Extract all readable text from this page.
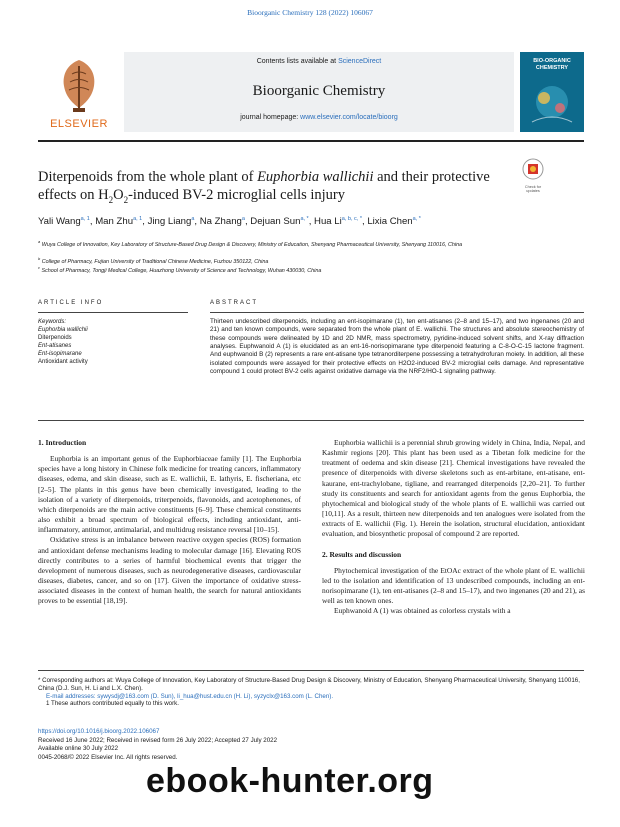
Bioorganic Chemistry 128 (2022) 106067
ELSEVIER
Contents lists available at ScienceDirect
Bioorganic Chemistry
journal homepage: www.elsevier.com/locate/bioorg
BIO-ORGANIC CHEMISTRY
Diterpenoids from the whole plant of Euphorbia wallichii and their protective effects on $H_2O_2$-induced BV-2 microglial cells injury	Check for updates
Yali Wang$^{a, 1}$, Man Zhu$^{a, 1}$, Jing Liang$^a$, Na Zhang$^a$, Dejuan Sun$^{a, *}$, Hua $Li^{a, b, c, *}$, Lixia Chen$^{a, *}$
$^a$ Wuya College of Innovation, Key Laboratory of Structure-Based Drug Design & Discovery, Ministry of Education, Shenyang Pharmaceutical University, Shenyang 110016, China
$^b$ College of Pharmacy, Fujian University of Traditional Chinese Medicine, Fuzhou 350122, China
$^c$ School of Pharmacy, Tongji Medical College, Huazhong University of Science and Technology, Wuhan 430030, China
ARTICLE INFO	ABSTRACT
Keywords:
Euphorbia wallichii
Diterpenoids
Ent-atisanes
Ent-isopimarane
Antioxidant activity
Thirteen undescribed diterpenoids, including an ent-isopimarane (1), ten ent-atisanes (2–8 and 15–17), and two ingenanes (20 and 21) and ten known compounds, were separated from the whole plant of E. wallichii. The structures and absolute stereochemistry of these compounds were delineated by 1D and 2D NMR, mass spectrometry, pyridine-induced solvent shifts, and X-ray diffraction analyses. Euphwanoid A (1) is elucidated as an ent-16-norisopimarane type diterpenoid featuring a C-8-O-C-15 lactone fragment. And euphwanoid B (2) represents a rare ent-atisane type tetranorditerpene possessing a tetrahydrofuran moiety. In addition, all these isolated compounds were assayed for their protective effects on H2O2-induced BV-2 microglial cells damage. And representative compound 1 could protect BV-2 cells against oxidative damage via the NRF2/HO-1 signaling pathway.
1. Introduction

Euphorbia is an important genus of the Euphorbiaceae family [1]. The Euphorbia species have a long history in Chinese folk medicine for treating cancers, inflammatory diseases, edema, and skin disease, such as E. wallichii, E. lathyris, E. fischeriana, etc [2–5]. The plants in this genus have been chemically investigated, leading to the isolation of a variety of diterpenoids, triterpenoids, flavonoids, and acetophenones, of which diterpenoids are the main active constituents [6–9]. These chemical constituents also exhibit a broad spectrum of biological effects, including antioxidant, anti-inflammatory, antitumor, antimalarial, and multidrug resistance reversal [10–15].

Oxidative stress is an imbalance between reactive oxygen species (ROS) formation and antioxidant defense mechanisms leading to molecular damage [16]. Elevating ROS directly contributes to a series of harmful biochemical events that trigger the development of numerous diseases, such as neurodegenerative diseases, cardiovascular diseases, diabetes, cancer, and so on [17]. Given the importance of oxidative stress-associated diseases in the context of human health, the search for natural antioxidants proves to be essential [18,19].

Euphorbia wallichii is a perennial shrub growing widely in China, India, Nepal, and Kashmir regions [20]. This plant has been used as a Tibetan folk medicine for the treatment of oedema and skin disease [21]. Chemical investigations have revealed the presence of diterpenoids with diverse skeletons such as ent-arbitane, ent-atisane, ent-kaurane, ent-trachylobane, tigliane, and rearranged diterpenoids [2,20–21]. To further study its constituents and search for antioxidant agents from the genus Euphorbia, the phytochemical and biological study of the whole plants of E. wallichii was carried out [10,11]. As a result, thirteen new diterpenoids and ten analogues were isolated from the extracts of E. wallichii (Fig. 1). Herein the isolation, structural elucidation, antioxidant evaluation, and biosynthetic proposal of compound 2 are reported.

2. Results and discussion

Phytochemical investigation of the EtOAc extract of the whole plant of E. wallichii led to the isolation and identification of 13 undescribed compounds, including an ent-norisopimarane (1), ten ent-atisanes (2–8 and 15–17), and two ingenanes (20 and 21), as well as ten known ones.

Euphwanoid A (1) was obtained as colorless crystals with a

* Corresponding authors at: Wuya College of Innovation, Key Laboratory of Structure-Based Drug Design & Discovery, Ministry of Education, Shenyang Pharmaceutical University, Shenyang 110016, China (D.J. Sun, H. Li and L.X. Chen).
E-mail addresses: sywysdj@163.com (D. Sun), li_hua@hust.edu.cn (H. Li), syzyclx@163.com (L. Chen).
1 These authors contributed equally to this work.
https://doi.org/10.1016/j.bioorg.2022.106067
Received 16 June 2022; Received in revised form 26 July 2022; Accepted 27 July 2022
Available online 30 July 2022
0045-2068/© 2022 Elsevier Inc. All rights reserved.
ebook-hunter.org
